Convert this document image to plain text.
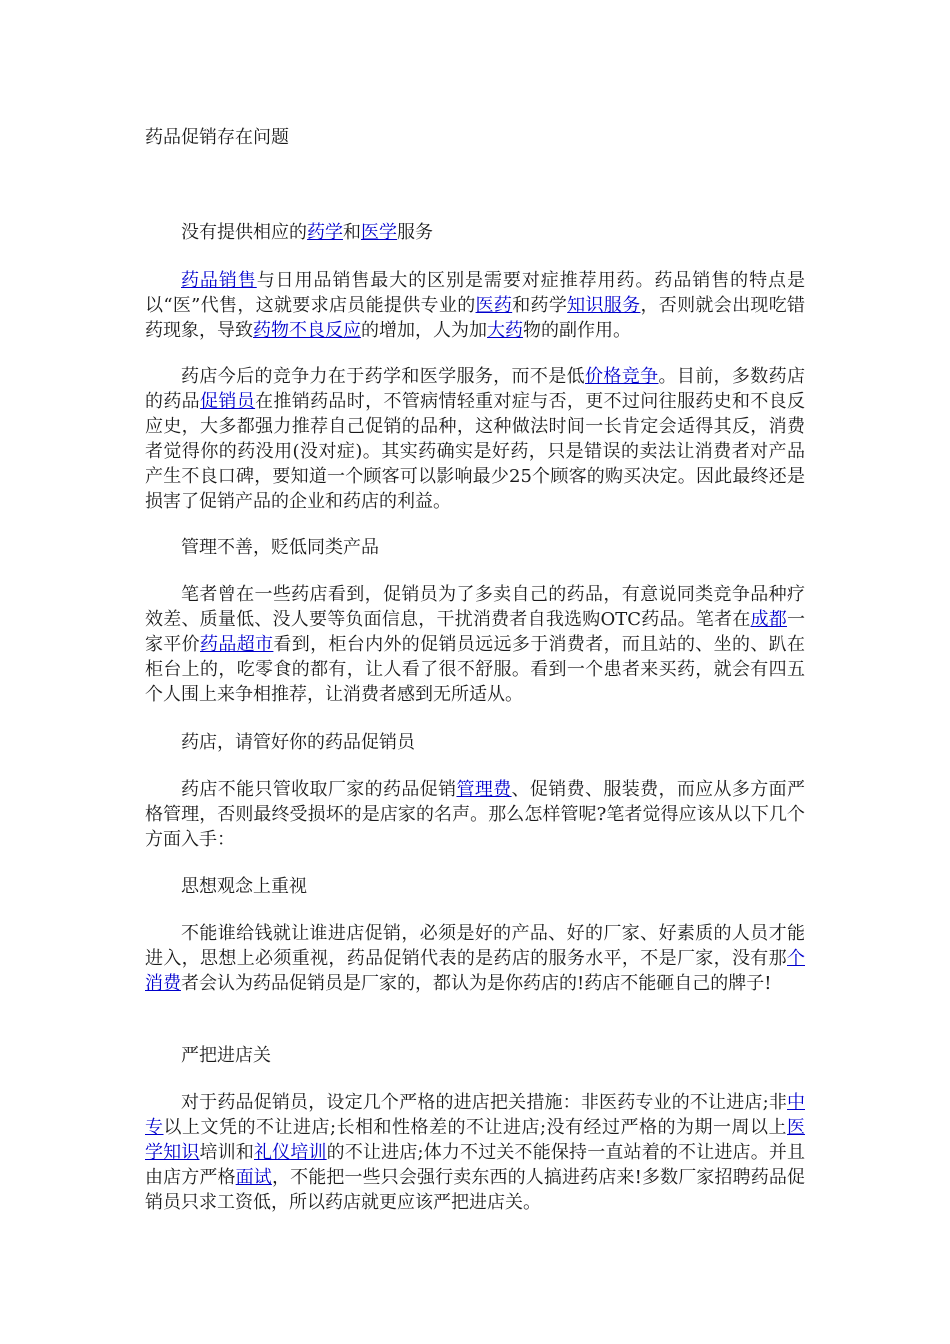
药品促销存在问题

没有提供相应的药学和医学服务

药品销售与日用品销售最大的区别是需要对症推荐用药。药品销售的特点是以“医”代售，这就要求店员能提供专业的医药和药学知识服务，否则就会出现吃错药现象，导致药物不良反应的增加，人为加大药物的副作用。

药店今后的竞争力在于药学和医学服务，而不是低价格竞争。目前，多数药店的药品促销员在推销药品时，不管病情轻重对症与否，更不过问往服药史和不良反应史，大多都强力推荐自己促销的品种，这种做法时间一长肯定会适得其反，消费者觉得你的药没用(没对症)。其实药确实是好药，只是错误的卖法让消费者对产品产生不良口碑，要知道一个顾客可以影响最少25个顾客的购买决定。因此最终还是损害了促销产品的企业和药店的利益。

管理不善，贬低同类产品

笔者曾在一些药店看到，促销员为了多卖自己的药品，有意说同类竞争品种疗效差、质量低、没人要等负面信息，干扰消费者自我选购OTC药品。笔者在成都一家平价药品超市看到，柜台内外的促销员远远多于消费者，而且站的、坐的、趴在柜台上的，吃零食的都有，让人看了很不舒服。看到一个患者来买药，就会有四五个人围上来争相推荐，让消费者感到无所适从。

药店，请管好你的药品促销员

药店不能只管收取厂家的药品促销管理费、促销费、服装费，而应从多方面严格管理，否则最终受损坏的是店家的名声。那么怎样管呢?笔者觉得应该从以下几个方面入手：

思想观念上重视

不能谁给钱就让谁进店促销，必须是好的产品、好的厂家、好素质的人员才能进入，思想上必须重视，药品促销代表的是药店的服务水平，不是厂家，没有那个消费者会认为药品促销员是厂家的，都认为是你药店的!药店不能砸自己的牌子!

严把进店关

对于药品促销员，设定几个严格的进店把关措施：非医药专业的不让进店;非中专以上文凭的不让进店;长相和性格差的不让进店;没有经过严格的为期一周以上医学知识培训和礼仪培训的不让进店;体力不过关不能保持一直站着的不让进店。并且由店方严格面试，不能把一些只会强行卖东西的人搞进药店来!多数厂家招聘药品促销员只求工资低，所以药店就更应该严把进店关。
